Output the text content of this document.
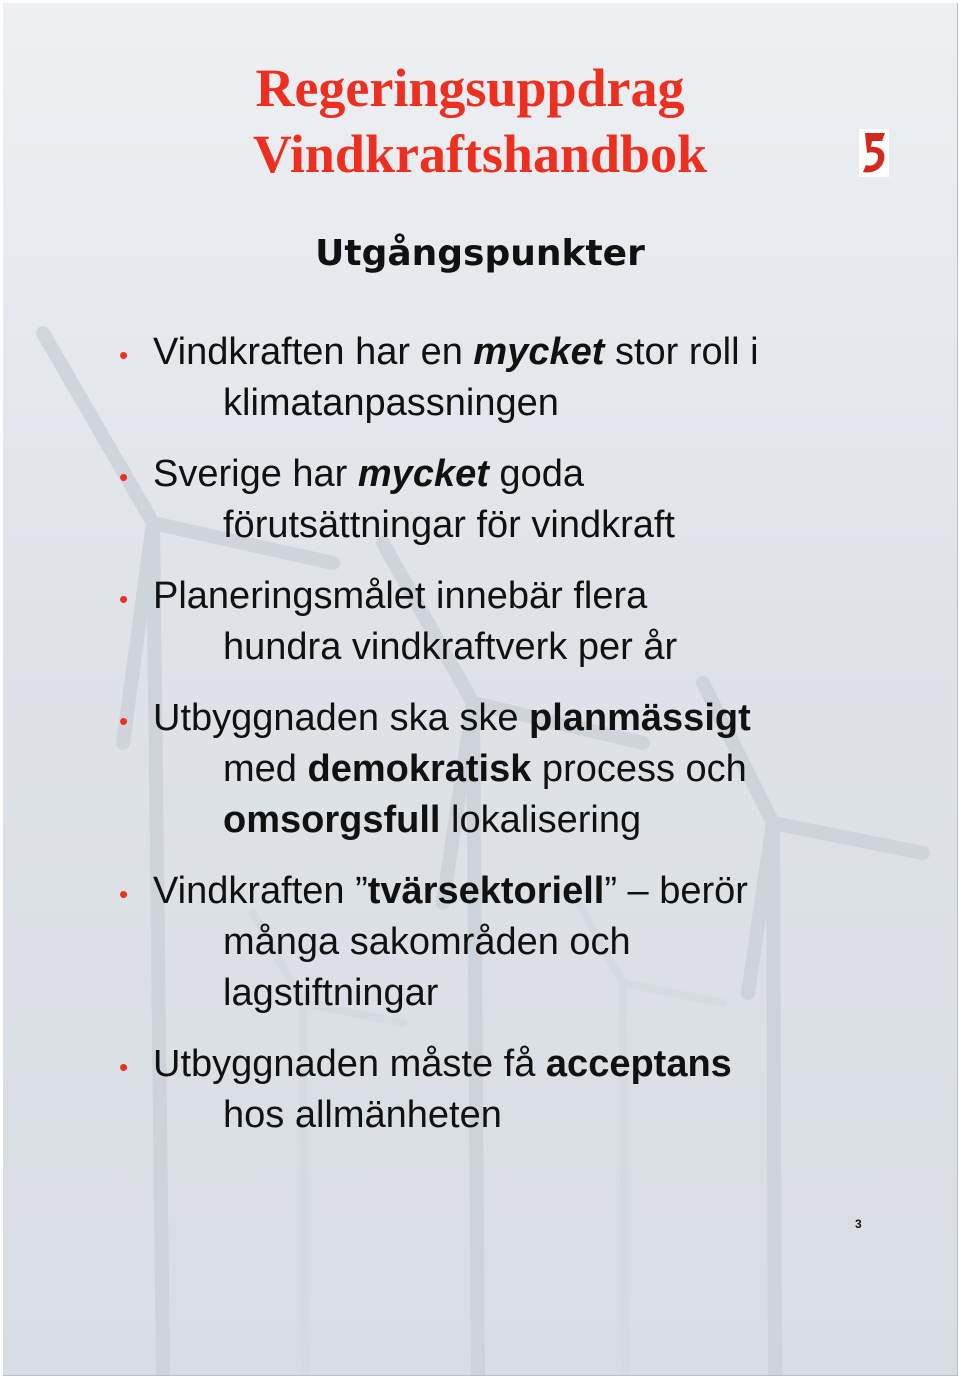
Regeringsuppdrag
Vindkraftshandbok
Utgångspunkter
• Vindkraften har en mycket stor roll i
klimatanpassningen
• Sverige har mycket goda
förutsättningar för vindkraft
• Planeringsmålet innebär flera
hundra vindkraftverk per år
• Utbyggnaden ska ske planmässigt
med demokratisk process och
omsorgsfull lokalisering
• Vindkraften ”tvärsektoriell” – berör
många sakområden och
lagstiftningar
• Utbyggnaden måste få acceptans
hos allmänheten
3
